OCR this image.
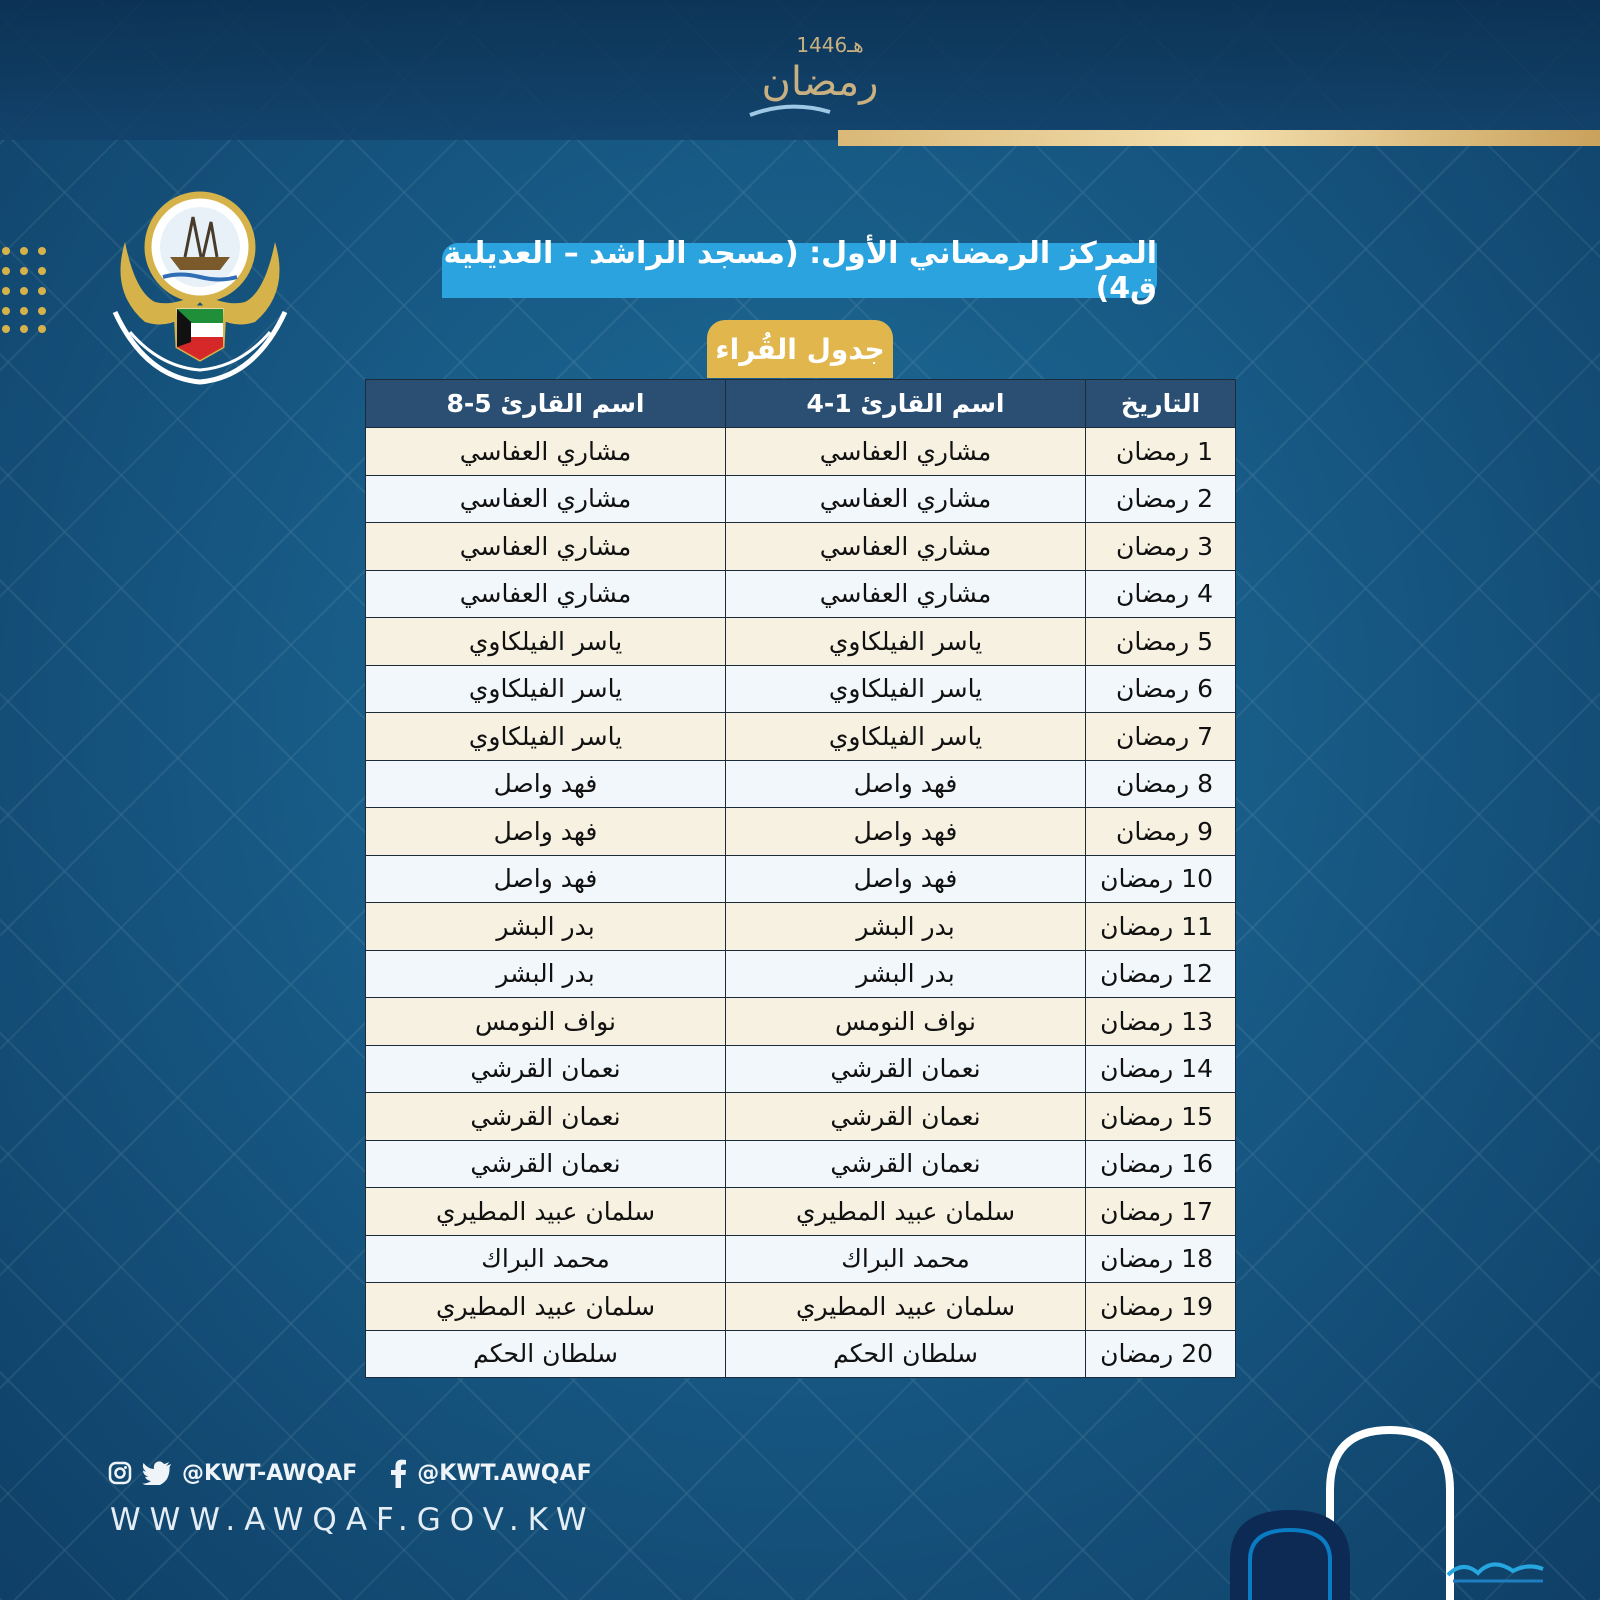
1446هـ
رمضان
المركز الرمضاني الأول: (مسجد الراشد – العديلية ق4)
جدول القُراء
التاريخ	اسم القارئ 1-4	اسم القارئ 5-8
1 رمضان	مشاري العفاسي	مشاري العفاسي
2 رمضان	مشاري العفاسي	مشاري العفاسي
3 رمضان	مشاري العفاسي	مشاري العفاسي
4 رمضان	مشاري العفاسي	مشاري العفاسي
5 رمضان	ياسر الفيلكاوي	ياسر الفيلكاوي
6 رمضان	ياسر الفيلكاوي	ياسر الفيلكاوي
7 رمضان	ياسر الفيلكاوي	ياسر الفيلكاوي
8 رمضان	فهد واصل	فهد واصل
9 رمضان	فهد واصل	فهد واصل
10 رمضان	فهد واصل	فهد واصل
11 رمضان	بدر البشر	بدر البشر
12 رمضان	بدر البشر	بدر البشر
13 رمضان	نواف النومس	نواف النومس
14 رمضان	نعمان القرشي	نعمان القرشي
15 رمضان	نعمان القرشي	نعمان القرشي
16 رمضان	نعمان القرشي	نعمان القرشي
17 رمضان	سلمان عبيد المطيري	سلمان عبيد المطيري
18 رمضان	محمد البراك	محمد البراك
19 رمضان	سلمان عبيد المطيري	سلمان عبيد المطيري
20 رمضان	سلطان الحكم	سلطان الحكم
@KWT-AWQAF	@KWT.AWQAF
WWW.AWQAF.GOV.KW
